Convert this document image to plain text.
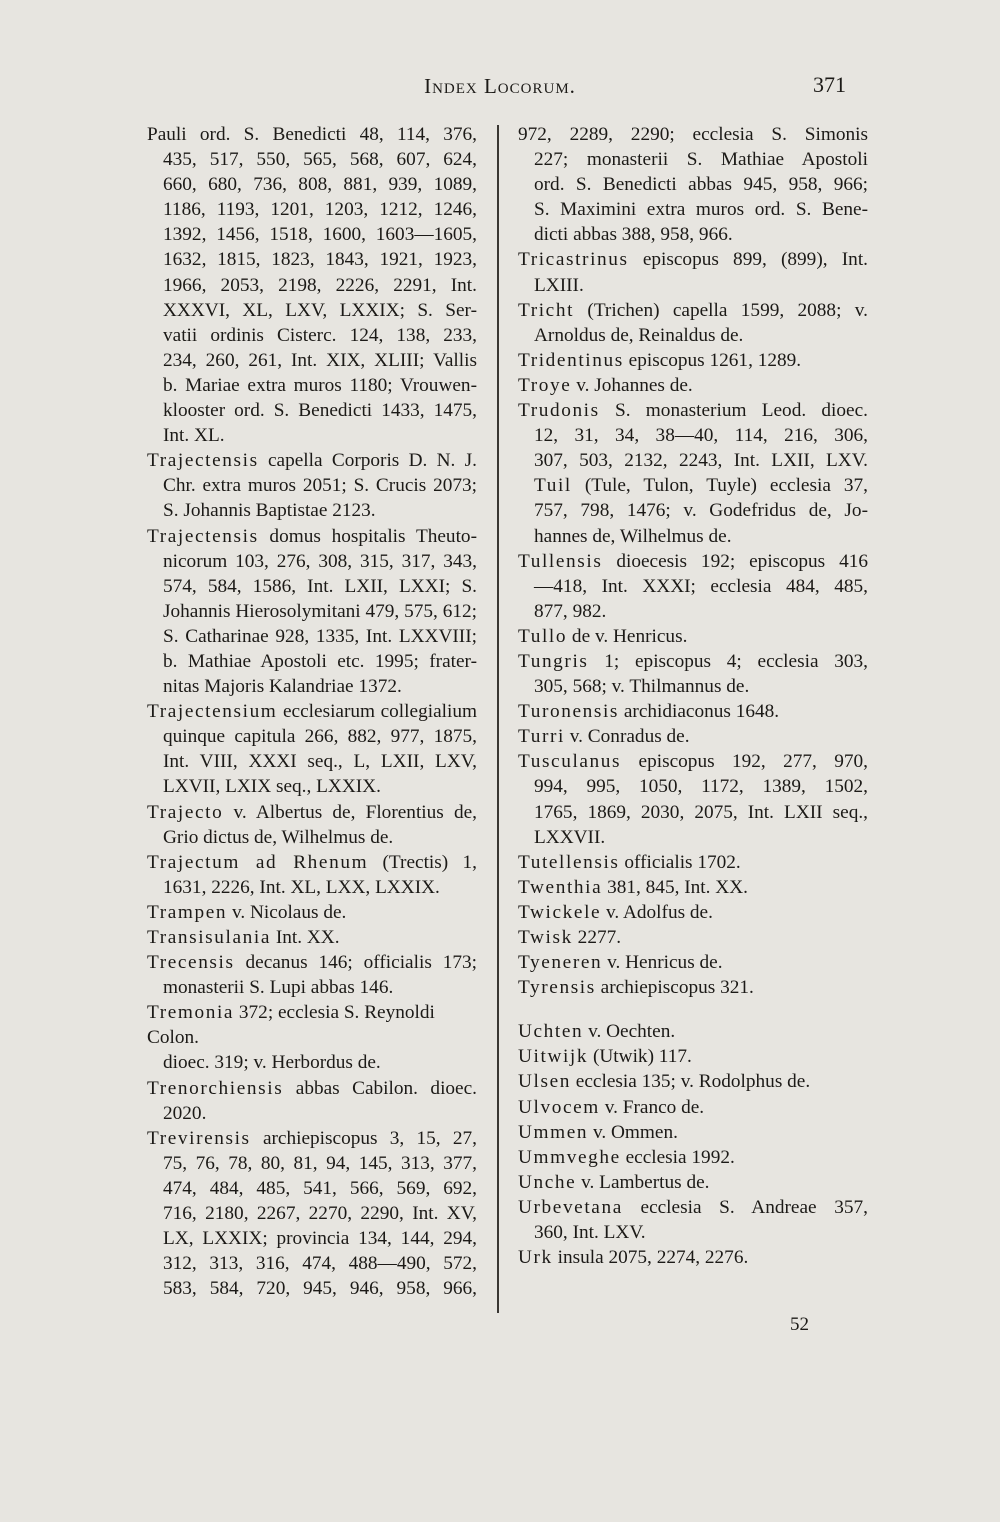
Index Locorum.	371
Pauli ord. S. Benedicti 48, 114, 376,
435, 517, 550, 565, 568, 607, 624,
660, 680, 736, 808, 881, 939, 1089,
1186, 1193, 1201, 1203, 1212, 1246,
1392, 1456, 1518, 1600, 1603—1605,
1632, 1815, 1823, 1843, 1921, 1923,
1966, 2053, 2198, 2226, 2291, Int.
XXXVI, XL, LXV, LXXIX; S. Ser-
vatii ordinis Cisterc. 124, 138, 233,
234, 260, 261, Int. XIX, XLIII; Vallis
b. Mariae extra muros 1180; Vrouwen-
klooster ord. S. Benedicti 1433, 1475,
Int. XL.
Trajectensis capella Corporis D. N. J.
Chr. extra muros 2051; S. Crucis 2073;
S. Johannis Baptistae 2123.
Trajectensis domus hospitalis Theuto-
nicorum 103, 276, 308, 315, 317, 343,
574, 584, 1586, Int. LXII, LXXI; S.
Johannis Hierosolymitani 479, 575, 612;
S. Catharinae 928, 1335, Int. LXXVIII;
b. Mathiae Apostoli etc. 1995; frater-
nitas Majoris Kalandriae 1372.
Trajectensium ecclesiarum collegialium
quinque capitula 266, 882, 977, 1875,
Int. VIII, XXXI seq., L, LXII, LXV,
LXVII, LXIX seq., LXXIX.
Trajecto v. Albertus de, Florentius de,
Grio dictus de, Wilhelmus de.
Trajectum ad Rhenum (Trectis) 1,
1631, 2226, Int. XL, LXX, LXXIX.
Trampen v. Nicolaus de.
Transisulania Int. XX.
Trecensis decanus 146; officialis 173;
monasterii S. Lupi abbas 146.
Tremonia 372; ecclesia S. Reynoldi Colon.
dioec. 319; v. Herbordus de.
Trenorchiensis abbas Cabilon. dioec.
2020.
Trevirensis archiepiscopus 3, 15, 27,
75, 76, 78, 80, 81, 94, 145, 313, 377,
474, 484, 485, 541, 566, 569, 692,
716, 2180, 2267, 2270, 2290, Int. XV,
LX, LXXIX; provincia 134, 144, 294,
312, 313, 316, 474, 488—490, 572,
583, 584, 720, 945, 946, 958, 966,
972, 2289, 2290; ecclesia S. Simonis
227; monasterii S. Mathiae Apostoli
ord. S. Benedicti abbas 945, 958, 966;
S. Maximini extra muros ord. S. Bene-
dicti abbas 388, 958, 966.
Tricastrinus episcopus 899, (899), Int.
LXIII.
Tricht (Trichen) capella 1599, 2088; v.
Arnoldus de, Reinaldus de.
Tridentinus episcopus 1261, 1289.
Troye v. Johannes de.
Trudonis S. monasterium Leod. dioec.
12, 31, 34, 38—40, 114, 216, 306,
307, 503, 2132, 2243, Int. LXII, LXV.
Tuil (Tule, Tulon, Tuyle) ecclesia 37,
757, 798, 1476; v. Godefridus de, Jo-
hannes de, Wilhelmus de.
Tullensis dioecesis 192; episcopus 416
—418, Int. XXXI; ecclesia 484, 485,
877, 982.
Tullo de v. Henricus.
Tungris 1; episcopus 4; ecclesia 303,
305, 568; v. Thilmannus de.
Turonensis archidiaconus 1648.
Turri v. Conradus de.
Tusculanus episcopus 192, 277, 970,
994, 995, 1050, 1172, 1389, 1502,
1765, 1869, 2030, 2075, Int. LXII seq.,
LXXVII.
Tutellensis officialis 1702.
Twenthia 381, 845, Int. XX.
Twickele v. Adolfus de.
Twisk 2277.
Tyeneren v. Henricus de.
Tyrensis archiepiscopus 321.
Uchten v. Oechten.
Uitwijk (Utwik) 117.
Ulsen ecclesia 135; v. Rodolphus de.
Ulvocem v. Franco de.
Ummen v. Ommen.
Ummveghe ecclesia 1992.
Unche v. Lambertus de.
Urbevetana ecclesia S. Andreae 357,
360, Int. LXV.
Urk insula 2075, 2274, 2276.
52
